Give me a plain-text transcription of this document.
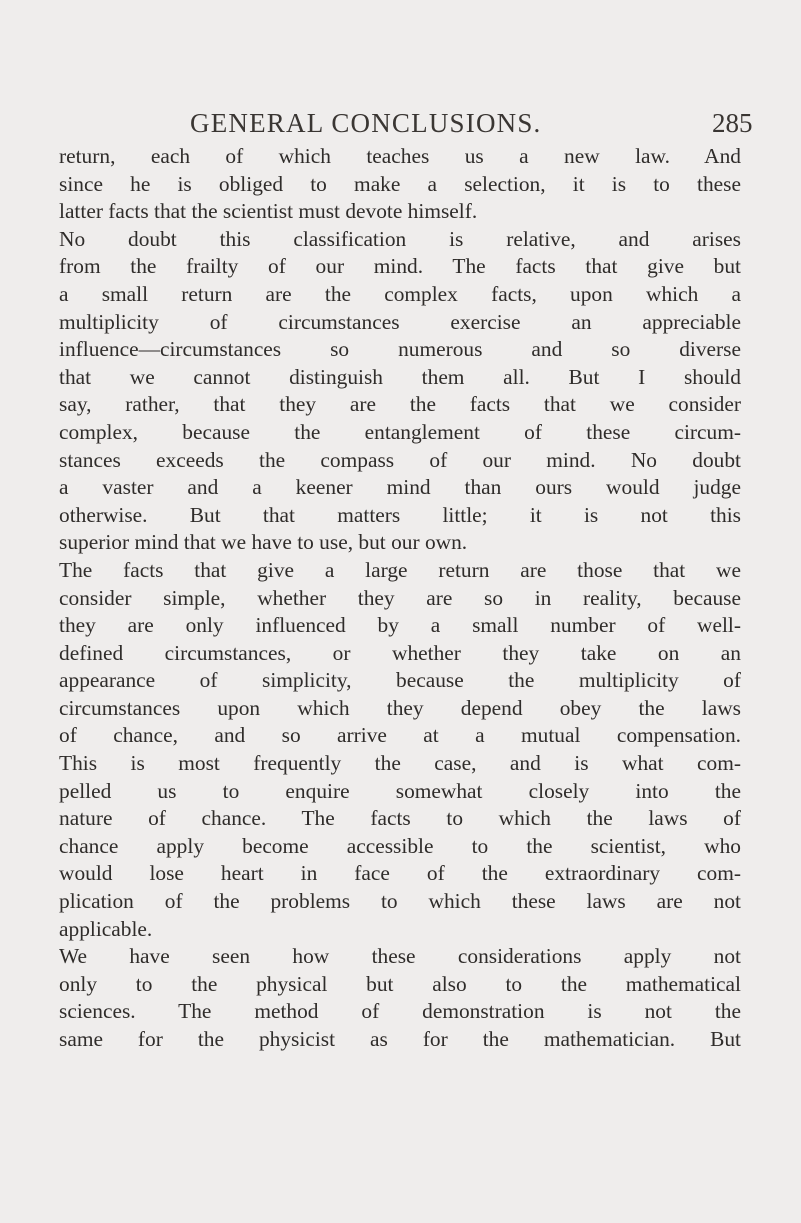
GENERAL CONCLUSIONS.	285
return, each of which teaches us a new law. And
since he is obliged to make a selection, it is to these
latter facts that the scientist must devote himself.
No doubt this classification is relative, and arises
from the frailty of our mind. The facts that give but
a small return are the complex facts, upon which a
multiplicity of circumstances exercise an appreciable
influence—circumstances so numerous and so diverse
that we cannot distinguish them all. But I should
say, rather, that they are the facts that we consider
complex, because the entanglement of these circum-
stances exceeds the compass of our mind. No doubt
a vaster and a keener mind than ours would judge
otherwise. But that matters little; it is not this
superior mind that we have to use, but our own.
The facts that give a large return are those that we
consider simple, whether they are so in reality, because
they are only influenced by a small number of well-
defined circumstances, or whether they take on an
appearance of simplicity, because the multiplicity of
circumstances upon which they depend obey the laws
of chance, and so arrive at a mutual compensation.
This is most frequently the case, and is what com-
pelled us to enquire somewhat closely into the
nature of chance. The facts to which the laws of
chance apply become accessible to the scientist, who
would lose heart in face of the extraordinary com-
plication of the problems to which these laws are not
applicable.
We have seen how these considerations apply not
only to the physical but also to the mathematical
sciences. The method of demonstration is not the
same for the physicist as for the mathematician. But
